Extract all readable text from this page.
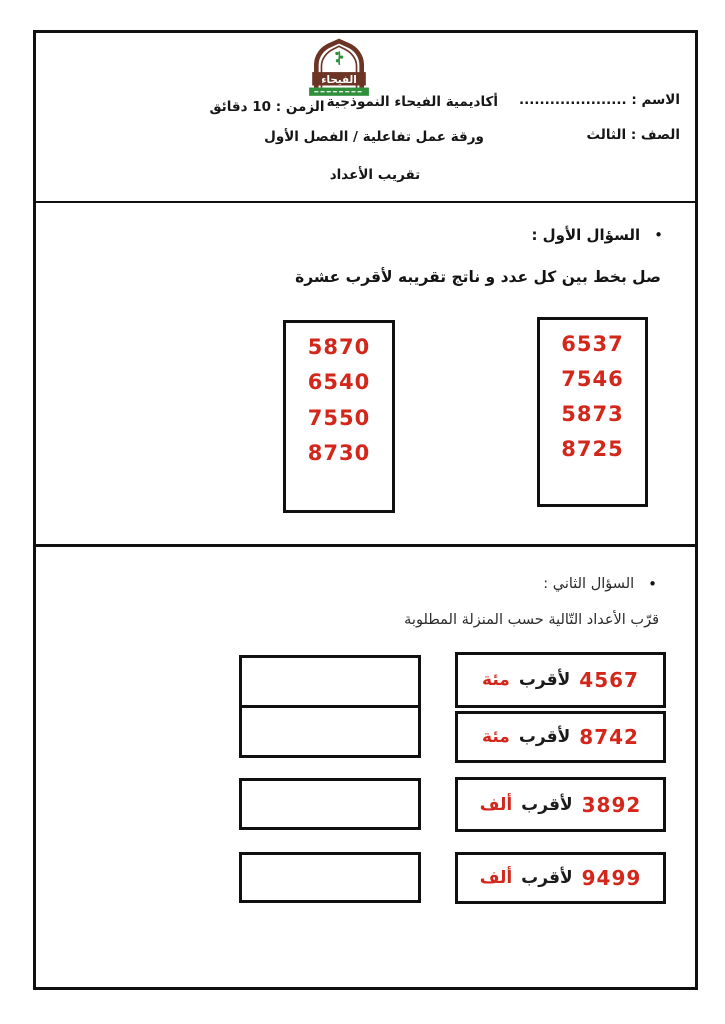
الفيحاء
الاسم : .....................
أكاديمية الفيحاء النموذجية
الزمن : 10 دقائق
الصف : الثالث
ورقة عمل تفاعلية / الفصل الأول
تقريب الأعداد
•
السؤال الأول :
صل بخط بين كل عدد و ناتج تقريبه لأقرب عشرة
6537
7546
5873
8725
5870
6540
7550
8730
•
السؤال الثاني :
قرّب الأعداد التّالية حسب المنزلة المطلوبة
4567
لأقرب
مئة
8742
لأقرب
مئة
3892
لأقرب
ألف
9499
لأقرب
ألف
